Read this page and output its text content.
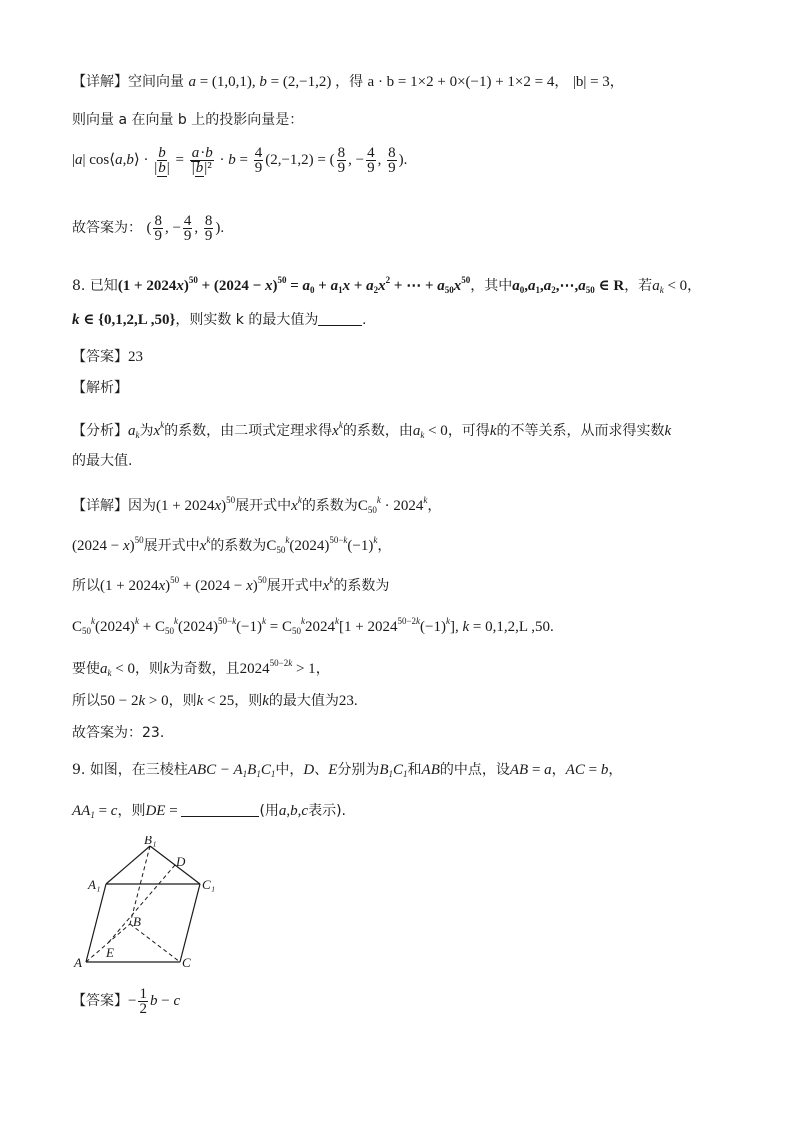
【详解】空间向量 a = (1,0,1), b = (2,−1,2) ，得 a · b = 1×2 + 0×(−1) + 1×2 = 4， |b| = 3，
则向量 a 在向量 b 上的投影向量是：
|a| cos⟨a,b⟩ · $\frac{b}{|b|} = \frac{a\cdot b}{\text{|b|²}} \cdot b = \frac{4}{9} (2,-1,2)$ = ( $\frac{8}{9}$ , − $\frac{4}{9}$ , $\frac{8}{9}$ ).
故答案为： ( $\frac{8}{9}$ , − $\frac{4}{9}$ , $\frac{8}{9}$ ).
8. 已知$(1 + 2024x)^{50} + (2024 - x)^{50} = a_0 + a_1x + a_2x^2$ + ⋯ + $a_{50}x^{50}$，其中$a_0,a_1,a_2,\cdots,a_{50}$ ∈ R，若$a_k < 0$，
k ∈ {0,1,2,L ,50}，则实数 k 的最大值为	.
【答案】23
【解析】
【分析】$a_k$为$x^k$的系数，由二项式定理求得$x^k$的系数，由$a_k < 0$，可得k的不等关系，从而求得实数k
的最大值.
【详解】因为$(1 + 2024x)^{50}$展开式中$x^k$的系数为$C_{50}^k \cdot 2024^k$，
$(2024 - x)^{50}$展开式中$x^k$的系数为$C_{50}^k(2024)^{50-k}(-1)^k$，
所以$(1 + 2024x)^{50} + (2024 - x)^{50}$展开式中$x^k$的系数为
$C_{50}^k(2024)^k + C_{50}^k(2024)^{50-k}(-1)^k = C_{50}^k2024^k[1 + 2024^{50-2k}(-1)^k]$, k = 0,1,2,L ,50.
要使$a_k < 0$，则k为奇数，且$2024^{50-2k} > 1$，
所以50 − 2k > 0，则k < 25，则k的最大值为23.
故答案为：23.
9. 如图，在三棱柱ABC − $A_1B_1C_1$中，D、E分别为$B_1C_1$和AB的中点，设AB = a，AC = b，
$AA_1 = c$，则DE =	(用a,b,c表示).
A
B
C
A₁
B₁
C₁
D
E
【答案】− $\frac{1}{2}$ b − c
